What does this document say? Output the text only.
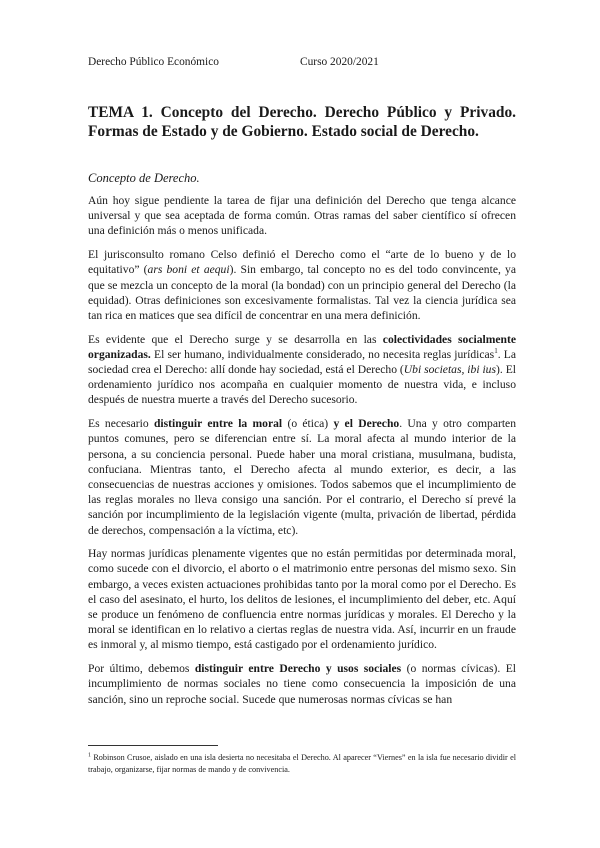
Derecho Público Económico	Curso 2020/2021
TEMA 1. Concepto del Derecho. Derecho Público y Privado. Formas de Estado y de Gobierno. Estado social de Derecho.

Concepto de Derecho.

Aún hoy sigue pendiente la tarea de fijar una definición del Derecho que tenga alcance universal y que sea aceptada de forma común. Otras ramas del saber científico sí ofrecen una definición más o menos unificada.

El jurisconsulto romano Celso definió el Derecho como el “arte de lo bueno y de lo equitativo” (ars boni et aequi). Sin embargo, tal concepto no es del todo convincente, ya que se mezcla un concepto de la moral (la bondad) con un principio general del Derecho (la equidad). Otras definiciones son excesivamente formalistas. Tal vez la ciencia jurídica sea tan rica en matices que sea difícil de concentrar en una mera definición.

Es evidente que el Derecho surge y se desarrolla en las colectividades socialmente organizadas. El ser humano, individualmente considerado, no necesita reglas jurídicas$^1$. La sociedad crea el Derecho: allí donde hay sociedad, está el Derecho (Ubi societas, ibi ius). El ordenamiento jurídico nos acompaña en cualquier momento de nuestra vida, e incluso después de nuestra muerte a través del Derecho sucesorio.

Es necesario distinguir entre la moral (o ética) y el Derecho. Una y otro comparten puntos comunes, pero se diferencian entre sí. La moral afecta al mundo interior de la persona, a su conciencia personal. Puede haber una moral cristiana, musulmana, budista, confuciana. Mientras tanto, el Derecho afecta al mundo exterior, es decir, a las consecuencias de nuestras acciones y omisiones. Todos sabemos que el incumplimiento de las reglas morales no lleva consigo una sanción. Por el contrario, el Derecho sí prevé la sanción por incumplimiento de la legislación vigente (multa, privación de libertad, pérdida de derechos, compensación a la víctima, etc).

Hay normas jurídicas plenamente vigentes que no están permitidas por determinada moral, como sucede con el divorcio, el aborto o el matrimonio entre personas del mismo sexo. Sin embargo, a veces existen actuaciones prohibidas tanto por la moral como por el Derecho. Es el caso del asesinato, el hurto, los delitos de lesiones, el incumplimiento del deber, etc. Aquí se produce un fenómeno de confluencia entre normas jurídicas y morales. El Derecho y la moral se identifican en lo relativo a ciertas reglas de nuestra vida. Así, incurrir en un fraude es inmoral y, al mismo tiempo, está castigado por el ordenamiento jurídico.

Por último, debemos distinguir entre Derecho y usos sociales (o normas cívicas). El incumplimiento de normas sociales no tiene como consecuencia la imposición de una sanción, sino un reproche social. Sucede que numerosas normas cívicas se han

$^1$ Robinson Crusoe, aislado en una isla desierta no necesitaba el Derecho. Al aparecer “Viernes” en la isla fue necesario dividir el trabajo, organizarse, fijar normas de mando y de convivencia.
